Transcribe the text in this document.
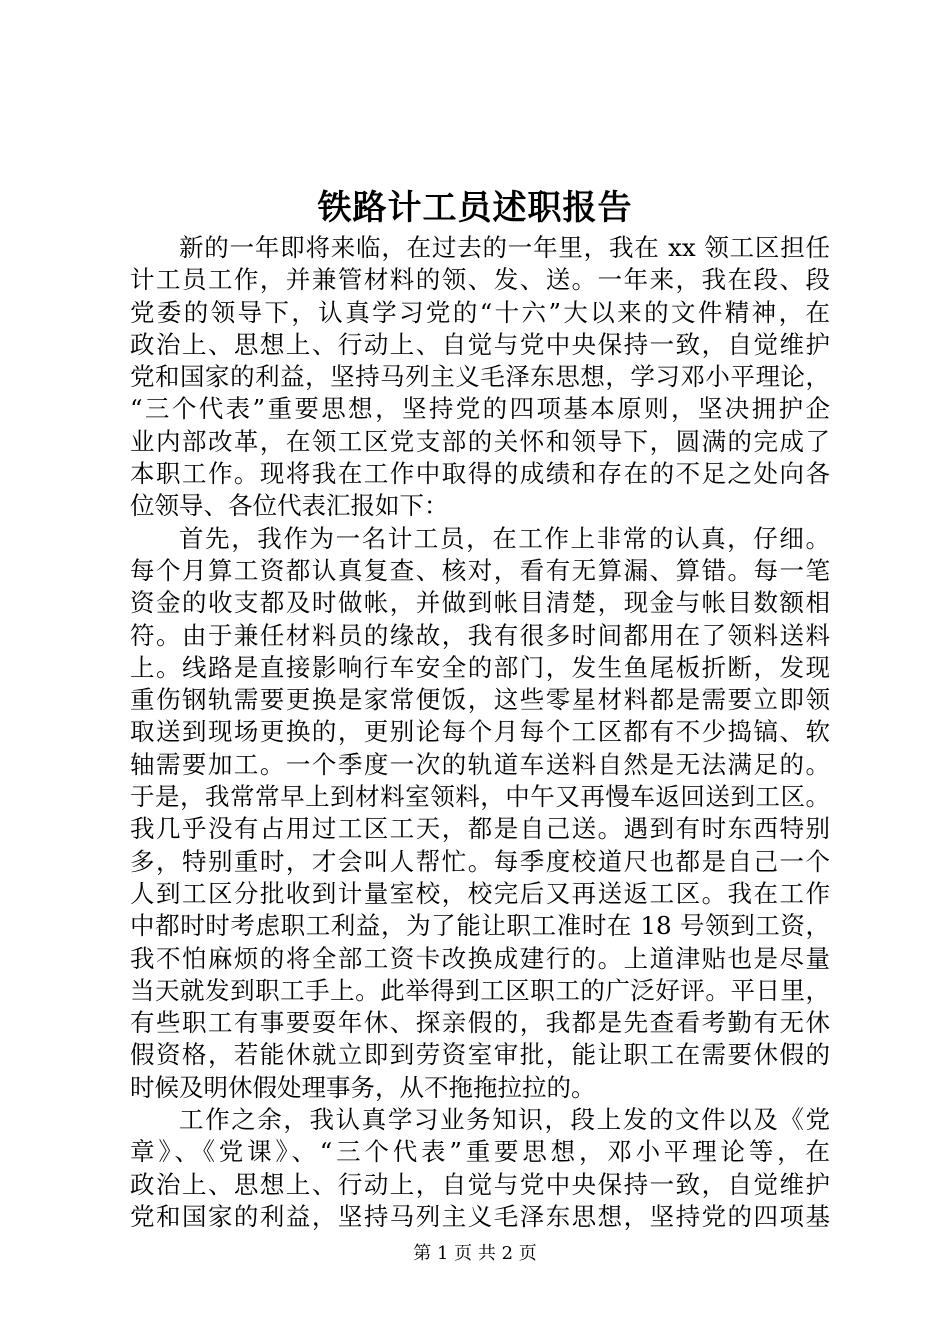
铁路计工员述职报告
新的一年即将来临，在过去的一年里，我在 xx 领工区担任
计工员工作，并兼管材料的领、发、送。一年来，我在段、段
党委的领导下，认真学习党的“十六”大以来的文件精神，在
政治上、思想上、行动上、自觉与党中央保持一致，自觉维护
党和国家的利益，坚持马列主义毛泽东思想，学习邓小平理论，
“三个代表”重要思想，坚持党的四项基本原则，坚决拥护企
业内部改革，在领工区党支部的关怀和领导下，圆满的完成了
本职工作。现将我在工作中取得的成绩和存在的不足之处向各
位领导、各位代表汇报如下：
首先，我作为一名计工员，在工作上非常的认真，仔细。
每个月算工资都认真复查、核对，看有无算漏、算错。每一笔
资金的收支都及时做帐，并做到帐目清楚，现金与帐目数额相
符。由于兼任材料员的缘故，我有很多时间都用在了领料送料
上。线路是直接影响行车安全的部门，发生鱼尾板折断，发现
重伤钢轨需要更换是家常便饭，这些零星材料都是需要立即领
取送到现场更换的，更别论每个月每个工区都有不少捣镐、软
轴需要加工。一个季度一次的轨道车送料自然是无法满足的。
于是，我常常早上到材料室领料，中午又再慢车返回送到工区。
我几乎没有占用过工区工天，都是自己送。遇到有时东西特别
多，特别重时，才会叫人帮忙。每季度校道尺也都是自己一个
人到工区分批收到计量室校，校完后又再送返工区。我在工作
中都时时考虑职工利益，为了能让职工准时在 18 号领到工资，
我不怕麻烦的将全部工资卡改换成建行的。上道津贴也是尽量
当天就发到职工手上。此举得到工区职工的广泛好评。平日里，
有些职工有事要耍年休、探亲假的，我都是先查看考勤有无休
假资格，若能休就立即到劳资室审批，能让职工在需要休假的
时候及明休假处理事务，从不拖拖拉拉的。
工作之余，我认真学习业务知识，段上发的文件以及《党
章》、《党课》、“三个代表”重要思想，邓小平理论等，在
政治上、思想上、行动上，自觉与党中央保持一致，自觉维护
党和国家的利益，坚持马列主义毛泽东思想，坚持党的四项基
第 1 页 共 2 页
